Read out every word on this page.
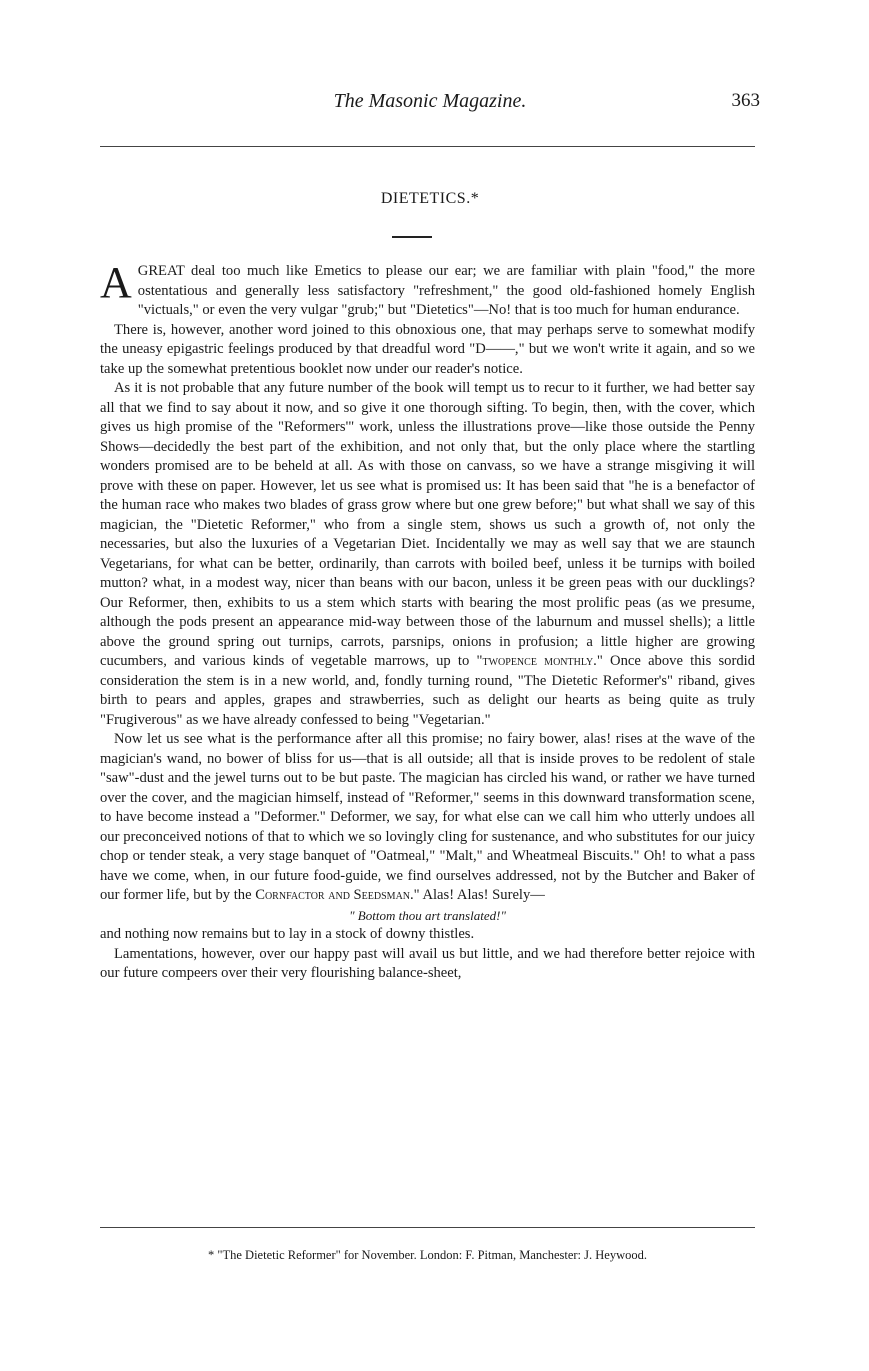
The Masonic Magazine.	363
DIETETICS.*

A GREAT deal too much like Emetics to please our ear; we are familiar with plain "food," the more ostentatious and generally less satisfactory "refreshment," the good old-fashioned homely English "victuals," or even the very vulgar "grub;" but "Dietetics"—No! that is too much for human endurance.

There is, however, another word joined to this obnoxious one, that may perhaps serve to somewhat modify the uneasy epigastric feelings produced by that dreadful word "D——," but we won't write it again, and so we take up the somewhat pretentious booklet now under our reader's notice.

As it is not probable that any future number of the book will tempt us to recur to it further, we had better say all that we find to say about it now, and so give it one thorough sifting. To begin, then, with the cover, which gives us high promise of the "Reformers'" work, unless the illustrations prove—like those outside the Penny Shows—decidedly the best part of the exhibition, and not only that, but the only place where the startling wonders promised are to be beheld at all. As with those on canvass, so we have a strange misgiving it will prove with these on paper. However, let us see what is promised us: It has been said that "he is a benefactor of the human race who makes two blades of grass grow where but one grew before;" but what shall we say of this magician, the "Dietetic Reformer," who from a single stem, shows us such a growth of, not only the necessaries, but also the luxuries of a Vegetarian Diet. Incidentally we may as well say that we are staunch Vegetarians, for what can be better, ordinarily, than carrots with boiled beef, unless it be turnips with boiled mutton? what, in a modest way, nicer than beans with our bacon, unless it be green peas with our ducklings? Our Reformer, then, exhibits to us a stem which starts with bearing the most prolific peas (as we presume, although the pods present an appearance mid-way between those of the laburnum and mussel shells); a little above the ground spring out turnips, carrots, parsnips, onions in profusion; a little higher are growing cucumbers, and various kinds of vegetable marrows, up to "twopence monthly." Once above this sordid consideration the stem is in a new world, and, fondly turning round, "The Dietetic Reformer's" riband, gives birth to pears and apples, grapes and strawberries, such as delight our hearts as being quite as truly "Frugiverous" as we have already confessed to being "Vegetarian."

Now let us see what is the performance after all this promise; no fairy bower, alas! rises at the wave of the magician's wand, no bower of bliss for us—that is all outside; all that is inside proves to be redolent of stale "saw"-dust and the jewel turns out to be but paste. The magician has circled his wand, or rather we have turned over the cover, and the magician himself, instead of "Reformer," seems in this downward transformation scene, to have become instead a "Deformer." Deformer, we say, for what else can we call him who utterly undoes all our preconceived notions of that to which we so lovingly cling for sustenance, and who substitutes for our juicy chop or tender steak, a very stage banquet of "Oatmeal," "Malt," and Wheatmeal Biscuits." Oh! to what a pass have we come, when, in our future food-guide, we find ourselves addressed, not by the Butcher and Baker of our former life, but by the Cornfactor and Seedsman." Alas! Alas! Surely—

" Bottom thou art translated!"

and nothing now remains but to lay in a stock of downy thistles.

Lamentations, however, over our happy past will avail us but little, and we had therefore better rejoice with our future compeers over their very flourishing balance-sheet,

* "The Dietetic Reformer" for November. London: F. Pitman, Manchester: J. Heywood.
